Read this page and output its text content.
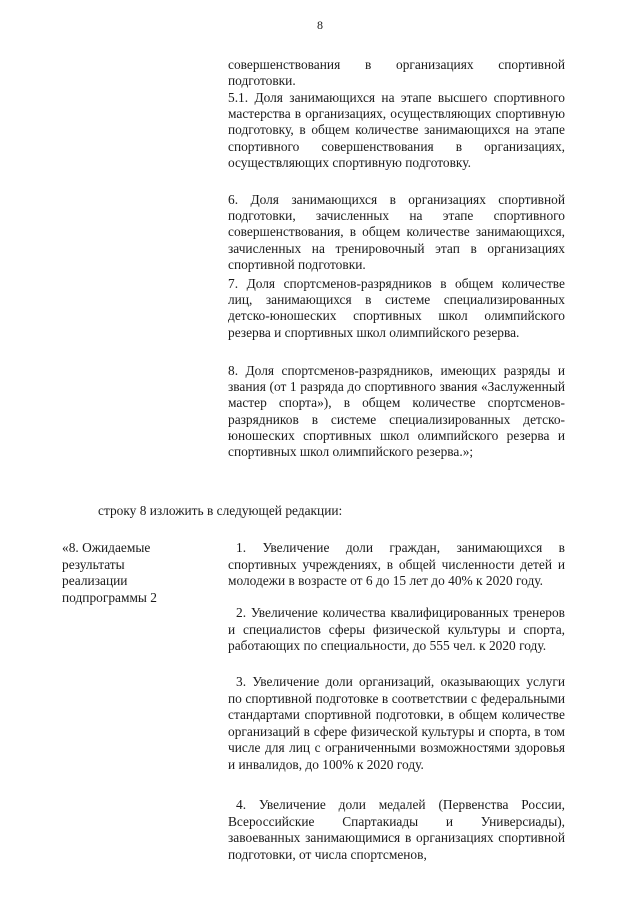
8

совершенствования в организациях спортивной подготовки.

5.1. Доля занимающихся на этапе высшего спортивного мастерства в организациях, осуществляющих спортивную подготовку, в общем количестве занимающихся на этапе спортивного совершенствования в организациях, осуществляющих спортивную подготовку.

6. Доля занимающихся в организациях спортивной подготовки, зачисленных на этапе спортивного совершенствования, в общем количестве занимающихся, зачисленных на тренировочный этап в организациях спортивной подготовки.

7. Доля спортсменов-разрядников в общем количестве лиц, занимающихся в системе специализированных детско-юношеских спортивных школ олимпийского резерва и спортивных школ олимпийского резерва.

8. Доля спортсменов-разрядников, имеющих разряды и звания (от 1 разряда до спортивного звания «Заслуженный мастер спорта»), в общем количестве спортсменов-разрядников в системе специализированных детско-юношеских спортивных школ олимпийского резерва и спортивных школ олимпийского резерва.»;

строку 8 изложить в следующей редакции:
«8. Ожидаемые
результаты
реализации
подпрограммы 2

1. Увеличение доли граждан, занимающихся в спортивных учреждениях, в общей численности детей и молодежи в возрасте от 6 до 15 лет до 40% к 2020 году.

2. Увеличение количества квалифицированных тренеров и специалистов сферы физической культуры и спорта, работающих по специальности, до 555 чел. к 2020 году.

3. Увеличение доли организаций, оказывающих услуги по спортивной подготовке в соответствии с федеральными стандартами спортивной подготовки, в общем количестве организаций в сфере физической культуры и спорта, в том числе для лиц с ограниченными возможностями здоровья и инвалидов, до 100% к 2020 году.

4. Увеличение доли медалей (Первенства России, Всероссийские Спартакиады и Универсиады), завоеванных занимающимися в организациях спортивной подготовки, от числа спортсменов,
